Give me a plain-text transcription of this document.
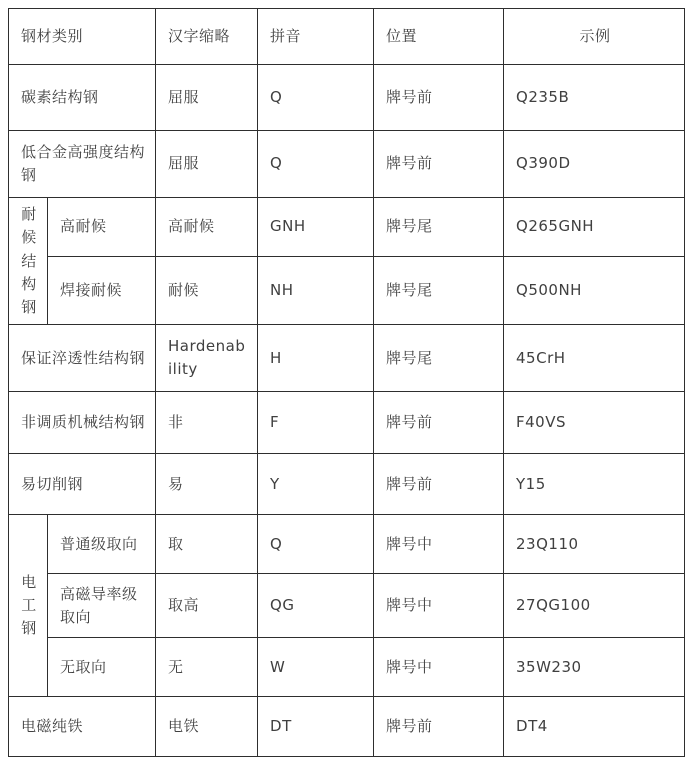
钢材类别		汉字缩略	拼音	位置	示例
碳素结构钢		屈服	Q	牌号前	Q235B
低合金高强度结构钢		屈服	Q	牌号前	Q390D
耐候结构钢	高耐候	高耐候	GNH	牌号尾	Q265GNH
	焊接耐候	耐候	NH	牌号尾	Q500NH
保证淬透性结构钢		Hardenability	H	牌号尾	45CrH
非调质机械结构钢		非	F	牌号前	F40VS
易切削钢		易	Y	牌号前	Y15
电工钢	普通级取向	取	Q	牌号中	23Q110
	高磁导率级取向	取高	QG	牌号中	27QG100
	无取向	无	W	牌号中	35W230
电磁纯铁		电铁	DT	牌号前	DT4
